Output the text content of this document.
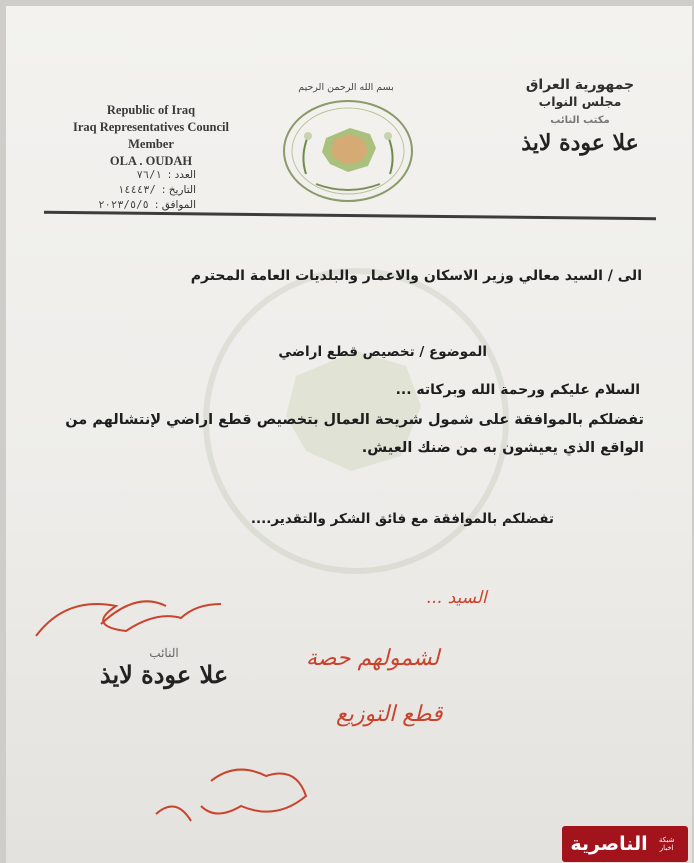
Republic of Iraq
Iraq Representatives Council
Member
OLA . OUDAH
العدد :
٧٦/١
التاريخ :
١٤٤٤٣/
الموافق :
٢٠٢٣/٥/٥
بسم الله الرحمن الرحيم	جمهورية العراق
مجلس النواب
مكتب النائب
علا عودة لايذ
الى / السيد معالي وزير الاسكان والاعمار والبلديات العامة المحترم
الموضوع / تخصيص قطع اراضي
السلام عليكم ورحمة الله وبركاته ...
تفضلكم بالموافقة على شمول شريحة العمال بتخصيص قطع اراضي لإنتشالهم من الواقع الذي يعيشون به من ضنك العيش.
تفضلكم بالموافقة مع فائق الشكر والتقدير....
النائب
علا عودة لايذ
السيد ...
لشمولهم حصة
قطع التوزيع
شبكة اخبار
الناصرية
